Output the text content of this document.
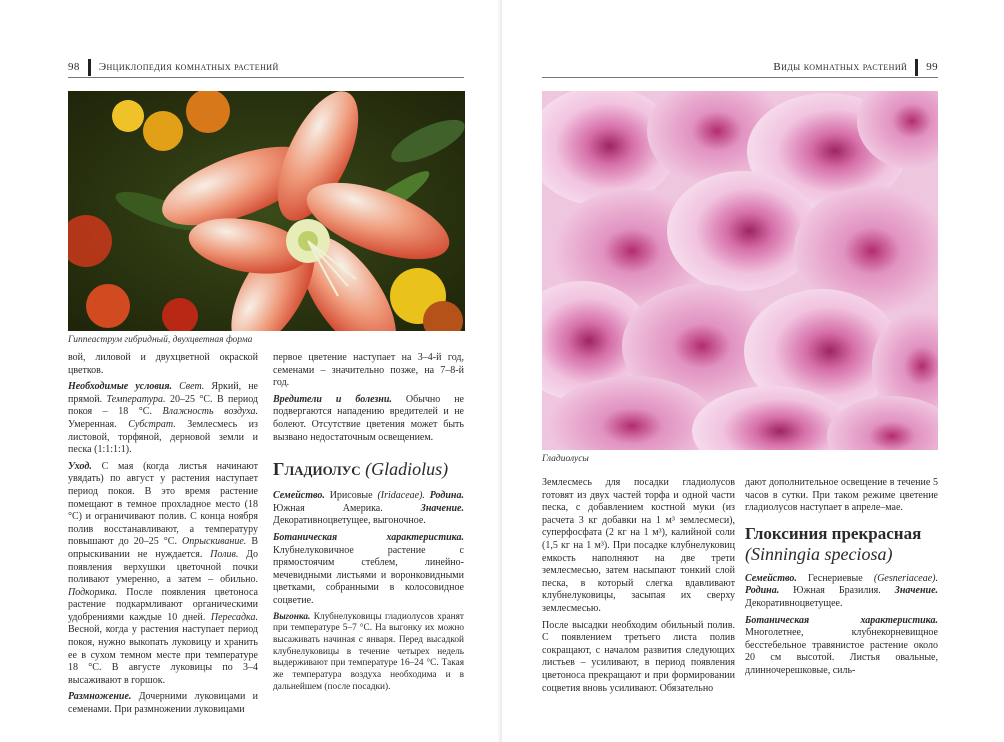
98 Энциклопедия комнатных растений
Гиппеаструм гибридный, двухцветная форма

вой, лиловой и двухцветной окраской цветков.

Необходимые условия. Свет. Яркий, не прямой. Температура. 20–25 °С. В период покоя – 18 °С. Влажность воздуха. Умеренная. Субстрат. Землесмесь из листовой, торфяной, дерновой земли и песка (1:1:1:1).

Уход. С мая (когда листья начинают увядать) по август у растения наступает период покоя. В это время растение помещают в темное прохладное место (18 °С) и ограничивают полив. С конца ноября полив восстанавливают, а температуру повышают до 20–25 °С. Опрыскивание. В опрыскивании не нуждается. Полив. До появления верхушки цветочной почки поливают умеренно, а затем – обильно. Подкормка. После появления цветоноса растение подкармливают органическими удобрениями каждые 10 дней. Пересадка. Весной, когда у растения наступает период покоя, нужно выкопать луковицу и хранить ее в сухом темном месте при температуре 18 °С. В августе луковицы по 3–4 высаживают в горшок.

Размножение. Дочерними луковицами и семенами. При размножении луковицами

первое цветение наступает на 3–4-й год, семенами – значительно позже, на 7–8-й год.

Вредители и болезни. Обычно не подвергаются нападению вредителей и не болеют. Отсутствие цветения может быть вызвано недостаточным освещением.

Гладиолус (Gladiolus)

Семейство. Ирисовые (Iridaceae). Родина. Южная Америка. Значение. Декоративноцветущее, выгоночное.

Ботаническая характеристика. Клубнелуковичное растение с прямостоячим стеблем, линейно-мечевидными листьями и воронковидными цветками, собранными в колосовидное соцветие.

Выгонка. Клубнелуковицы гладиолусов хранят при температуре 5–7 °С. На выгонку их можно высаживать начиная с января. Перед высадкой клубнелуковицы в течение четырех недель выдерживают при температуре 16–24 °С. Такая же температура воздуха необходима и в дальнейшем (после посадки).

Виды комнатных растений 99
Гладиолусы

Землесмесь для посадки гладиолусов готовят из двух частей торфа и одной части песка, с добавлением костной муки (из расчета 3 кг добавки на 1 м³ землесмеси), суперфосфата (2 кг на 1 м³), калийной соли (1,5 кг на 1 м³). При посадке клубнелуковиц емкость наполняют на две трети землесмесью, затем насыпают тонкий слой песка, в который слегка вдавливают клубнелуковицы, засыпая их сверху землесмесью.

После высадки необходим обильный полив. С появлением третьего листа полив сокращают, с началом развития следующих листьев – усиливают, в период появления цветоноса прекращают и при формировании соцветия вновь усиливают. Обязательно

дают дополнительное освещение в течение 5 часов в сутки. При таком режиме цветение гладиолусов наступает в апреле–мае.

Глоксиния прекрасная
(Sinningia speciosa)

Семейство. Геснериевые (Gesneriaceae). Родина. Южная Бразилия. Значение. Декоративноцветущее.

Ботаническая характеристика. Многолетнее, клубнекорневищное бесстебельное травянистое растение около 20 см высотой. Листья овальные, длинночерешковые, силь-
